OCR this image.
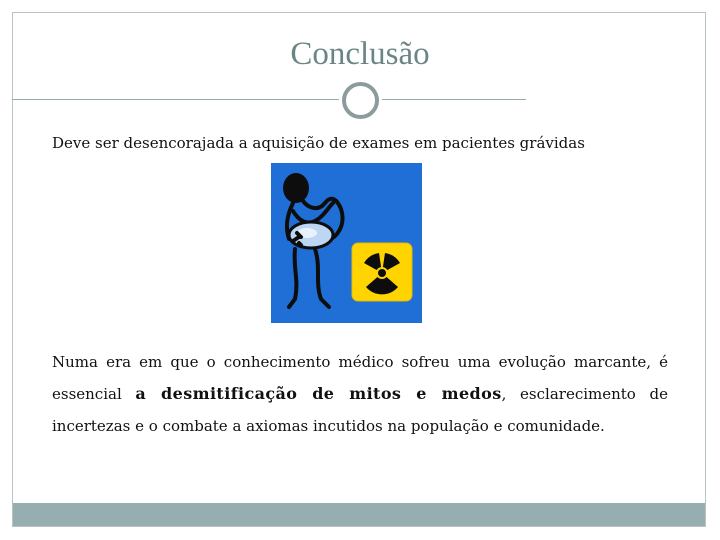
Conclusão
Deve ser desencorajada a aquisição de exames em pacientes grávidas

Numa era em que o conhecimento médico sofreu uma evolução marcante, é essencial a desmitificação de mitos e medos, esclarecimento de incertezas e o combate a axiomas incutidos na população e comunidade.
